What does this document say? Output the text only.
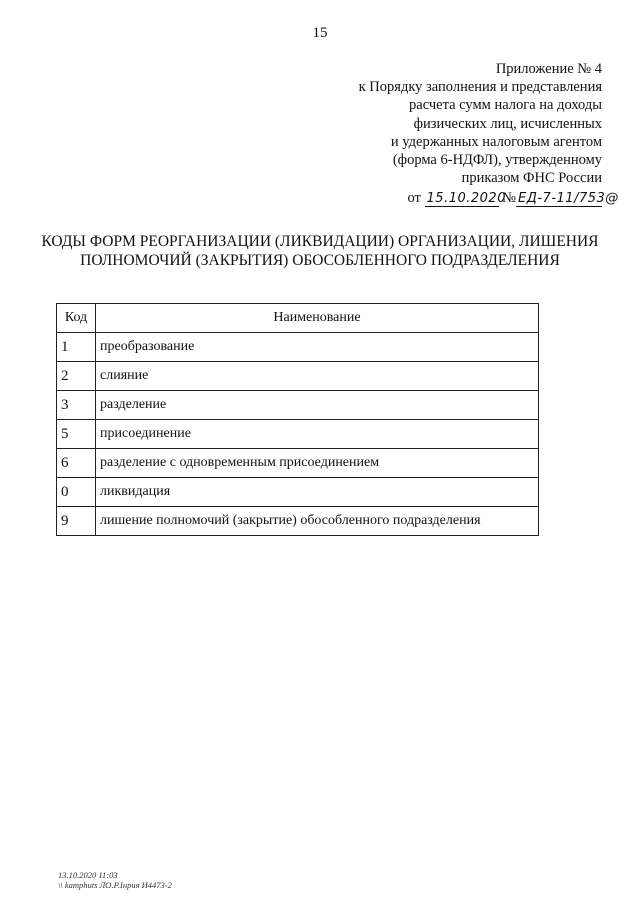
15
Приложение № 4
к Порядку заполнения и представления
расчета сумм налога на доходы
физических лиц, исчисленных
и удержанных налоговым агентом
(форма 6-НДФЛ), утвержденному
приказом ФНС России
от 15.10.2020 № ЕД-7-11/753@
КОДЫ ФОРМ РЕОРГАНИЗАЦИИ (ЛИКВИДАЦИИ) ОРГАНИЗАЦИИ, ЛИШЕНИЯ
ПОЛНОМОЧИЙ (ЗАКРЫТИЯ) ОБОСОБЛЕННОГО ПОДРАЗДЕЛЕНИЯ
Код	Наименование
1	преобразование
2	слияние
3	разделение
5	присоединение
6	разделение с одновременным присоединением
0	ликвидация
9	лишение полномочий (закрытие) обособленного подразделения
13.10.2020 11:03
\\ kamphuts ЛО.Р.Інрия И4473-2
